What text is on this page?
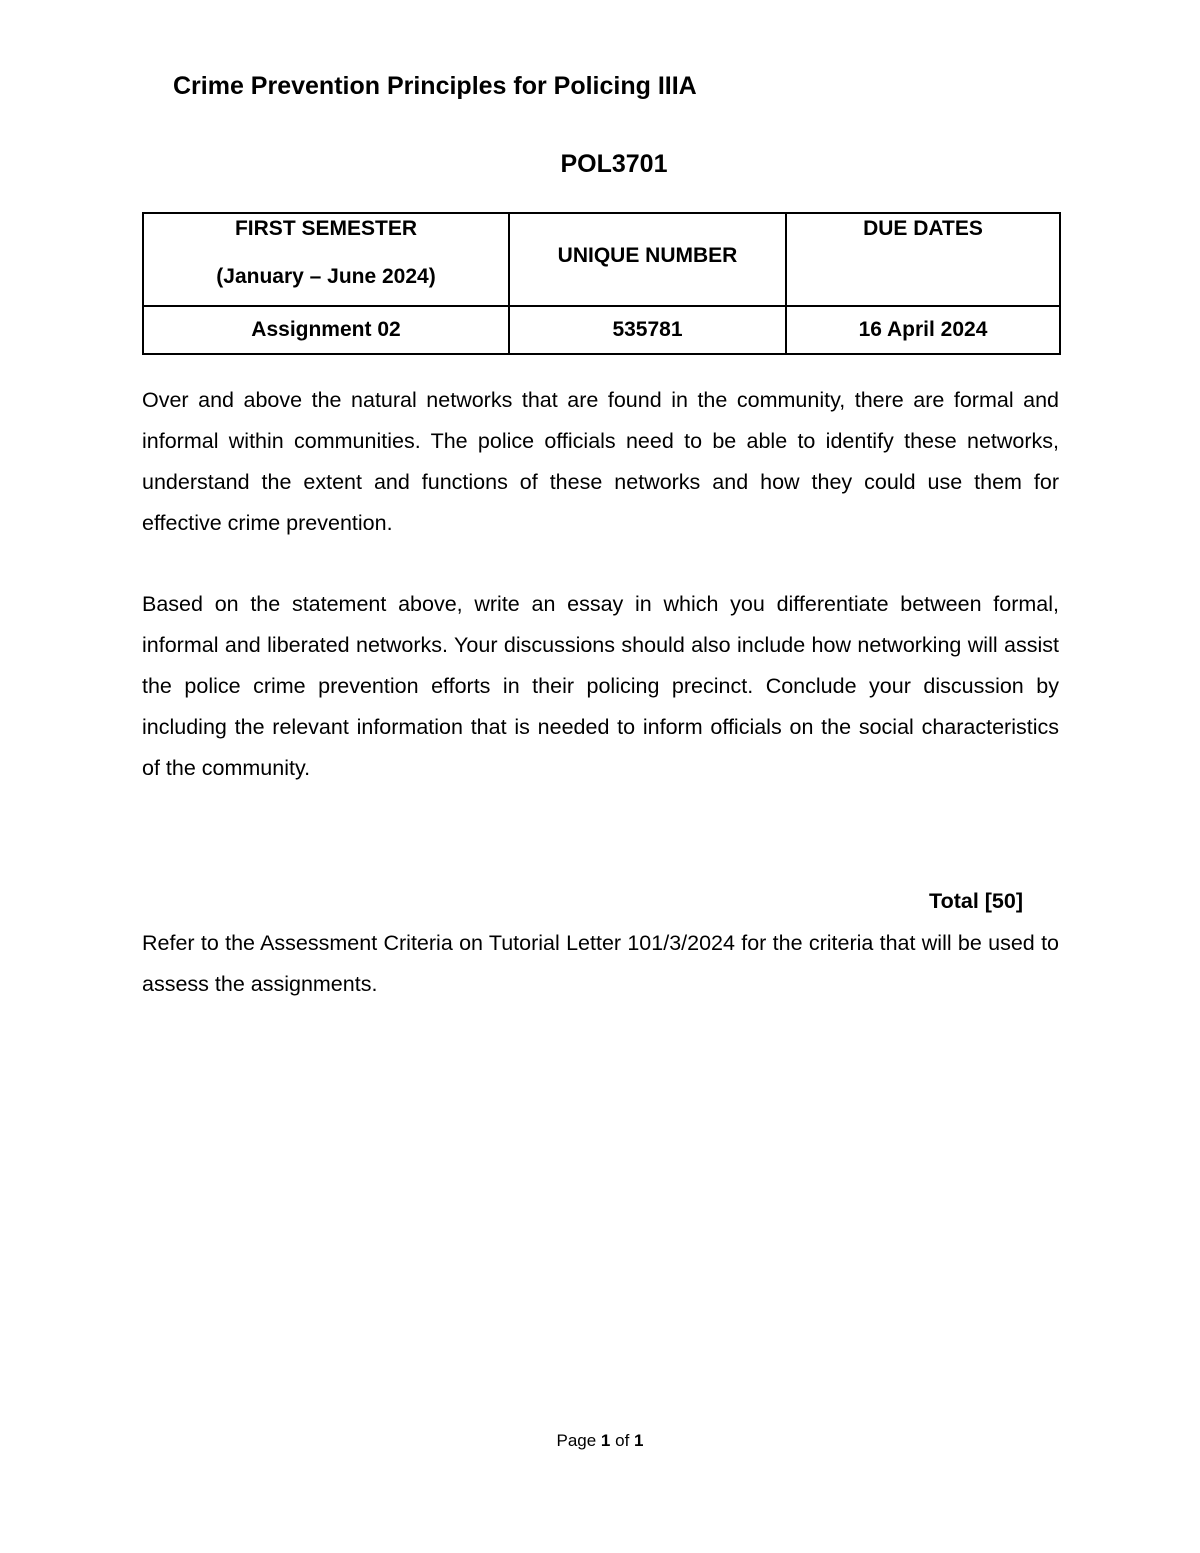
Crime Prevention Principles for Policing IIIA
POL3701
FIRST SEMESTER
(January – June 2024)	UNIQUE NUMBER	DUE DATES

Assignment 02	535781	16 April 2024

Over and above the natural networks that are found in the community, there are formal and informal within communities. The police officials need to be able to identify these networks, understand the extent and functions of these networks and how they could use them for effective crime prevention.

Based on the statement above, write an essay in which you differentiate between formal, informal and liberated networks. Your discussions should also include how networking will assist the police crime prevention efforts in their policing precinct. Conclude your discussion by including the relevant information that is needed to inform officials on the social characteristics of the community.

Total [50]

Refer to the Assessment Criteria on Tutorial Letter 101/3/2024 for the criteria that will be used to assess the assignments.

Page 1 of 1
